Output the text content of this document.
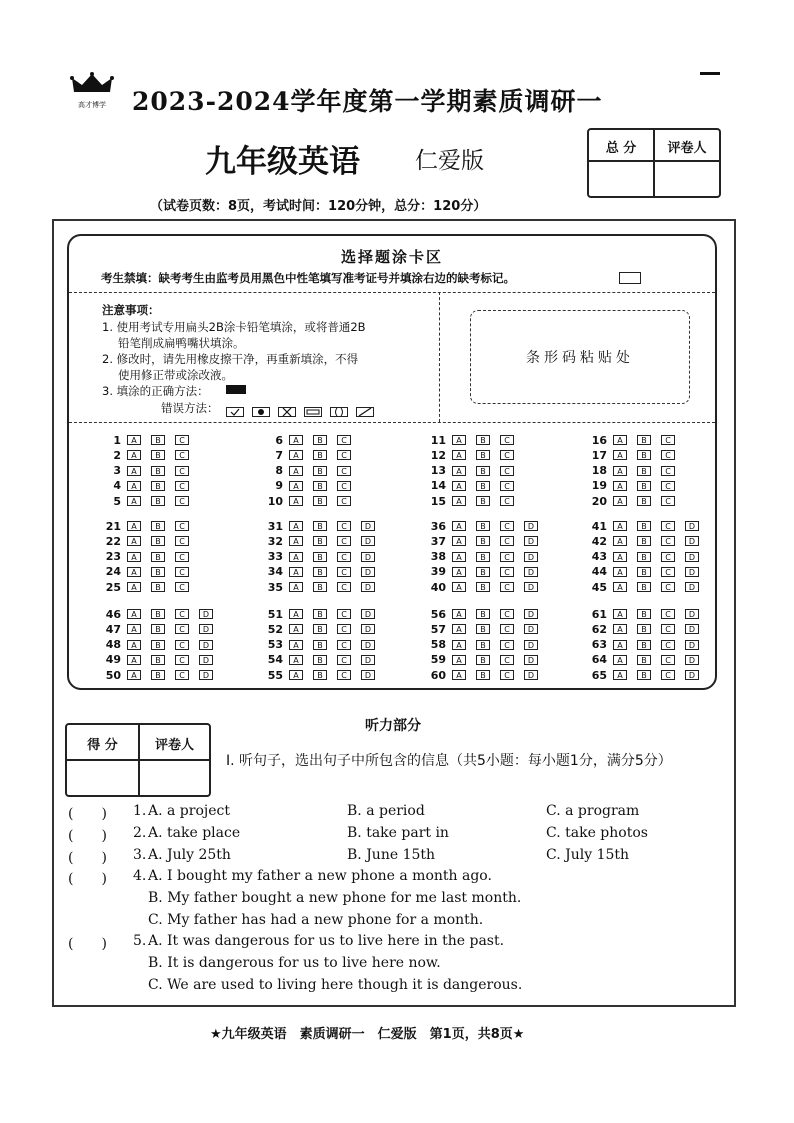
高才博学	2023-2024学年度第一学期素质调研一
九年级英语 仁爱版	总 分	评卷人
（试卷页数：8页，考试时间：120分钟，总分：120分）
选择题涂卡区
考生禁填：缺考考生由监考员用黑色中性笔填写准考证号并填涂右边的缺考标记。
注意事项：
1. 使用考试专用扁头2B涂卡铅笔填涂，或将普通2B
铅笔削成扁鸭嘴状填涂。
2. 修改时，请先用橡皮擦干净，再重新填涂，不得
使用修正带或涂改液。
3. 填涂的正确方法：
错误方法：

条形码粘贴处
1	A	B	C
2	A	B	C
3	A	B	C
4	A	B	C
5	A	B	C
6	A	B	C
7	A	B	C
8	A	B	C
9	A	B	C
10	A	B	C
11	A	B	C
12	A	B	C
13	A	B	C
14	A	B	C
15	A	B	C
16	A	B	C
17	A	B	C
18	A	B	C
19	A	B	C
20	A	B	C
21	A	B	C
22	A	B	C
23	A	B	C
24	A	B	C
25	A	B	C
31	A	B	C	D
32	A	B	C	D
33	A	B	C	D
34	A	B	C	D
35	A	B	C	D
36	A	B	C	D
37	A	B	C	D
38	A	B	C	D
39	A	B	C	D
40	A	B	C	D
41	A	B	C	D
42	A	B	C	D
43	A	B	C	D
44	A	B	C	D
45	A	B	C	D
46	A	B	C	D
47	A	B	C	D
48	A	B	C	D
49	A	B	C	D
50	A	B	C	D
51	A	B	C	D
52	A	B	C	D
53	A	B	C	D
54	A	B	C	D
55	A	B	C	D
56	A	B	C	D
57	A	B	C	D
58	A	B	C	D
59	A	B	C	D
60	A	B	C	D
61	A	B	C	D
62	A	B	C	D
63	A	B	C	D
64	A	B	C	D
65	A	B	C	D
听力部分
得 分	评卷人
Ⅰ. 听句子，选出句子中所包含的信息（共5小题：每小题1分，满分5分）
(　　) 1. A. a project	B. a period	C. a program
(　　) 2. A. take place	B. take part in	C. take photos
(　　) 3. A. July 25th	B. June 15th	C. July 15th
(　　) 4. A. I bought my father a new phone a month ago.
B. My father bought a new phone for me last month.
C. My father has had a new phone for a month.
(　　) 5. A. It was dangerous for us to live here in the past.
B. It is dangerous for us to live here now.
C. We are used to living here though it is dangerous.
★九年级英语　素质调研一　仁爱版　第1页，共8页★
